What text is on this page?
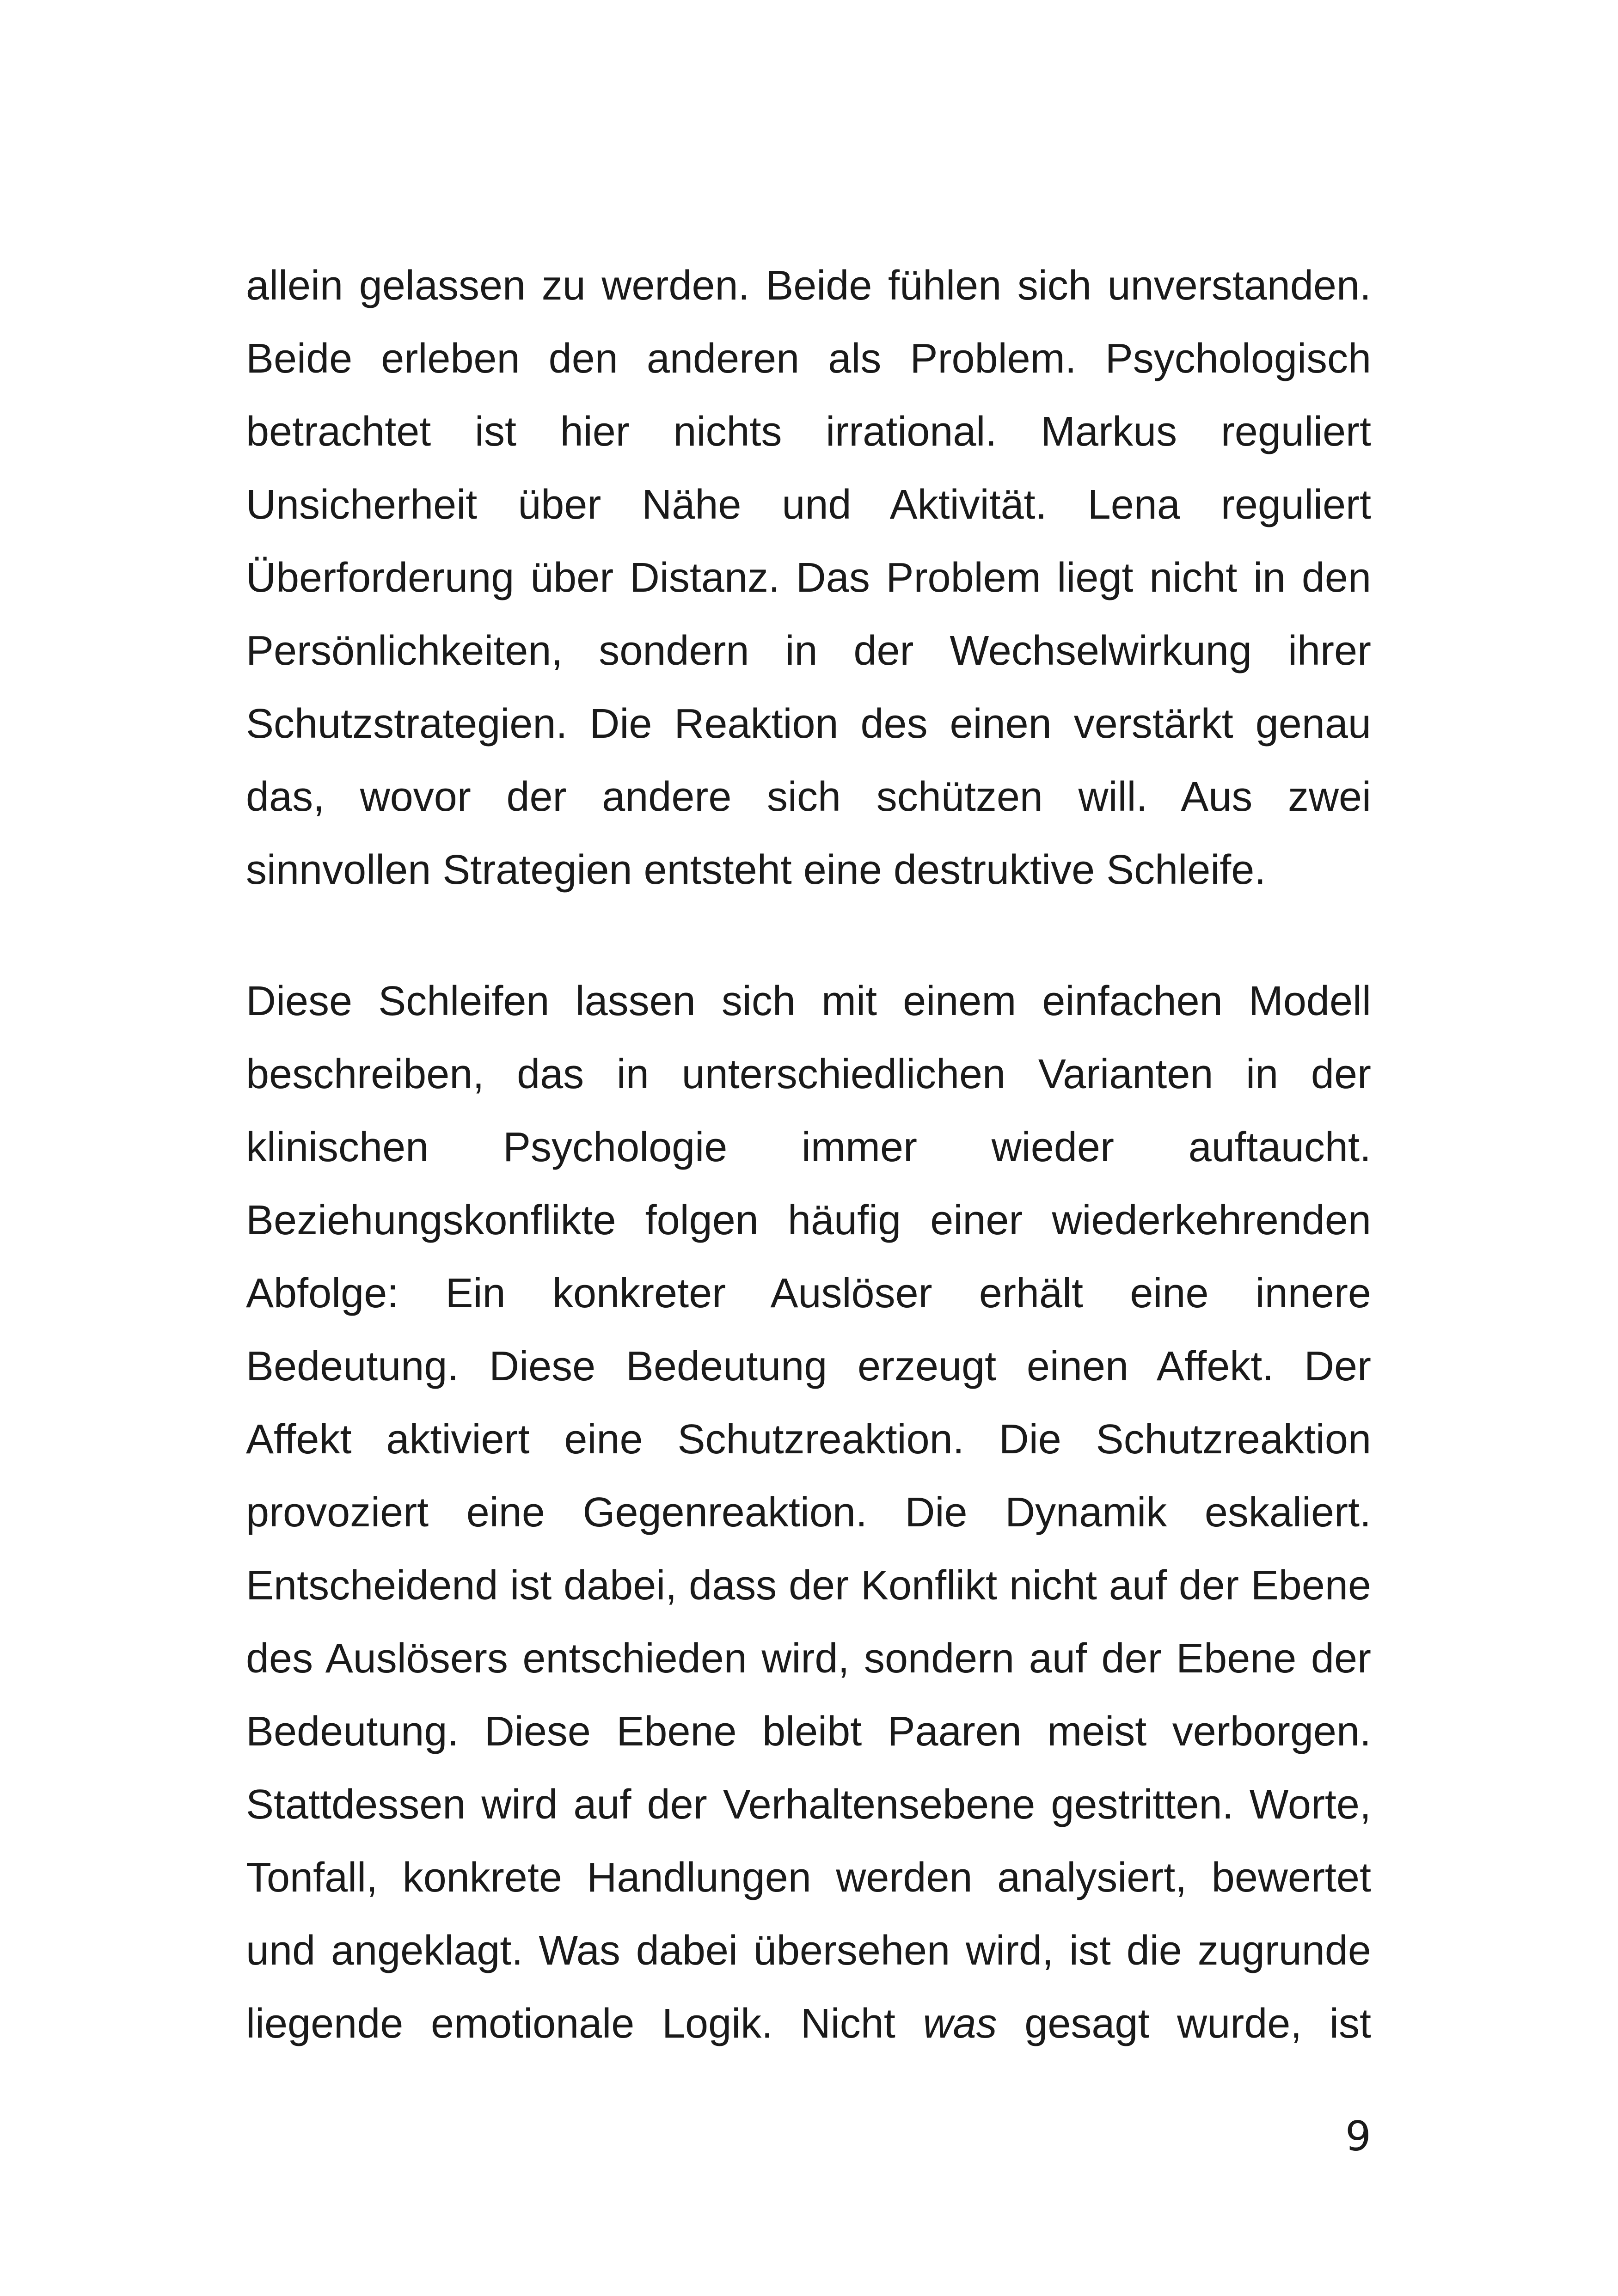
allein gelassen zu werden. Beide fühlen sich unverstanden.
Beide erleben den anderen als Problem. Psychologisch
betrachtet ist hier nichts irrational. Markus reguliert
Unsicherheit über Nähe und Aktivität. Lena reguliert
Überforderung über Distanz. Das Problem liegt nicht in den
Persönlichkeiten, sondern in der Wechselwirkung ihrer
Schutzstrategien. Die Reaktion des einen verstärkt genau
das, wovor der andere sich schützen will. Aus zwei
sinnvollen Strategien entsteht eine destruktive Schleife.
Diese Schleifen lassen sich mit einem einfachen Modell
beschreiben, das in unterschiedlichen Varianten in der
klinischen Psychologie immer wieder auftaucht.
Beziehungskonflikte folgen häufig einer wiederkehrenden
Abfolge: Ein konkreter Auslöser erhält eine innere
Bedeutung. Diese Bedeutung erzeugt einen Affekt. Der
Affekt aktiviert eine Schutzreaktion. Die Schutzreaktion
provoziert eine Gegenreaktion. Die Dynamik eskaliert.
Entscheidend ist dabei, dass der Konflikt nicht auf der Ebene
des Auslösers entschieden wird, sondern auf der Ebene der
Bedeutung. Diese Ebene bleibt Paaren meist verborgen.
Stattdessen wird auf der Verhaltensebene gestritten. Worte,
Tonfall, konkrete Handlungen werden analysiert, bewertet
und angeklagt. Was dabei übersehen wird, ist die zugrunde
liegende emotionale Logik. Nicht was gesagt wurde, ist
9
